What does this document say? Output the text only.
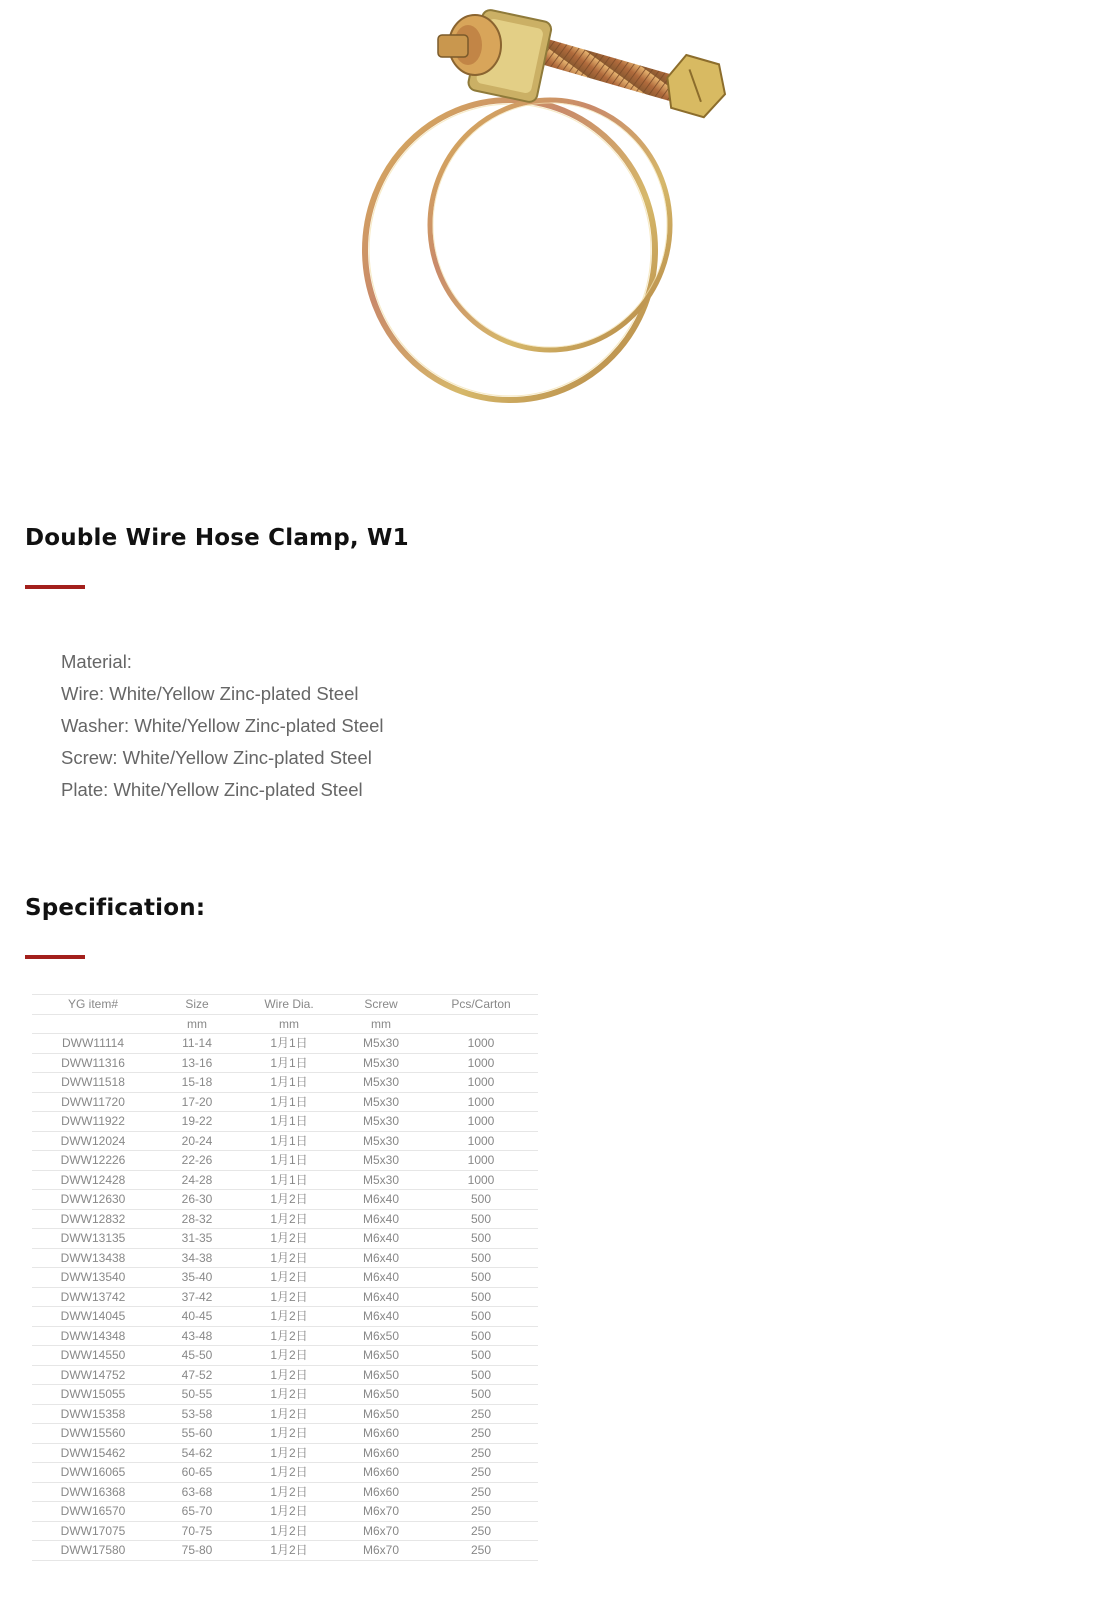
Double Wire Hose Clamp, W1
Material:
Wire: White/Yellow Zinc-plated Steel
Washer: White/Yellow Zinc-plated Steel
Screw: White/Yellow Zinc-plated Steel
Plate: White/Yellow Zinc-plated Steel
Specification:
YG item#	Size	Wire Dia.	Screw	Pcs/Carton
	mm	mm	mm	
DWW11114	11-14	1月1日	M5x30	1000
DWW11316	13-16	1月1日	M5x30	1000
DWW11518	15-18	1月1日	M5x30	1000
DWW11720	17-20	1月1日	M5x30	1000
DWW11922	19-22	1月1日	M5x30	1000
DWW12024	20-24	1月1日	M5x30	1000
DWW12226	22-26	1月1日	M5x30	1000
DWW12428	24-28	1月1日	M5x30	1000
DWW12630	26-30	1月2日	M6x40	500
DWW12832	28-32	1月2日	M6x40	500
DWW13135	31-35	1月2日	M6x40	500
DWW13438	34-38	1月2日	M6x40	500
DWW13540	35-40	1月2日	M6x40	500
DWW13742	37-42	1月2日	M6x40	500
DWW14045	40-45	1月2日	M6x40	500
DWW14348	43-48	1月2日	M6x50	500
DWW14550	45-50	1月2日	M6x50	500
DWW14752	47-52	1月2日	M6x50	500
DWW15055	50-55	1月2日	M6x50	500
DWW15358	53-58	1月2日	M6x50	250
DWW15560	55-60	1月2日	M6x60	250
DWW15462	54-62	1月2日	M6x60	250
DWW16065	60-65	1月2日	M6x60	250
DWW16368	63-68	1月2日	M6x60	250
DWW16570	65-70	1月2日	M6x70	250
DWW17075	70-75	1月2日	M6x70	250
DWW17580	75-80	1月2日	M6x70	250
